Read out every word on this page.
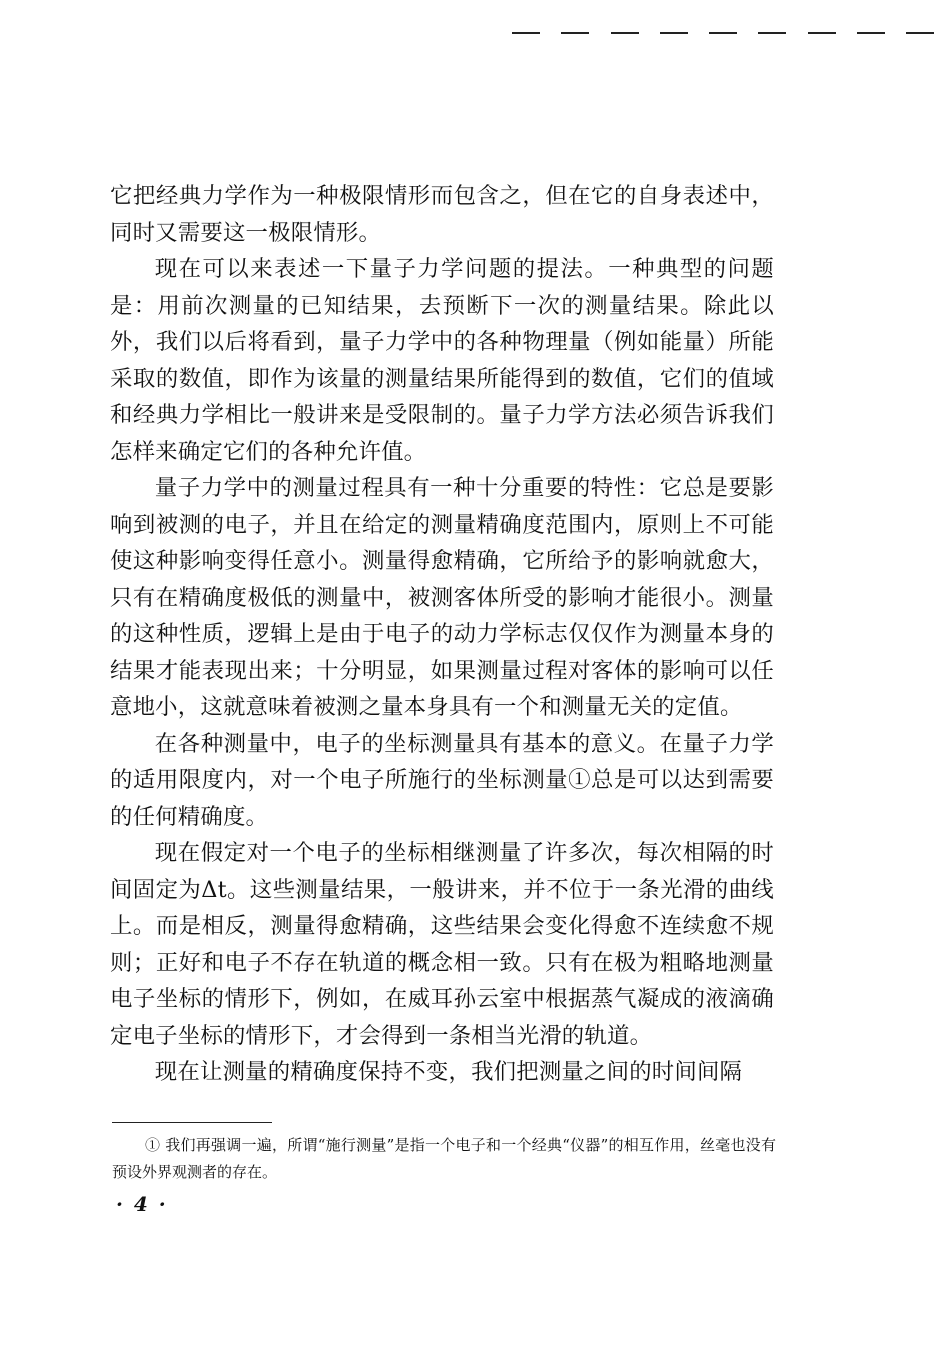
它把经典力学作为一种极限情形而包含之，但在它的自身表述中，同时又需要这一极限情形。

现在可以来表述一下量子力学问题的提法。一种典型的问题是：用前次测量的已知结果，去预断下一次的测量结果。除此以外，我们以后将看到，量子力学中的各种物理量（例如能量）所能采取的数值，即作为该量的测量结果所能得到的数值，它们的值域和经典力学相比一般讲来是受限制的。量子力学方法必须告诉我们怎样来确定它们的各种允许值。

量子力学中的测量过程具有一种十分重要的特性：它总是要影响到被测的电子，并且在给定的测量精确度范围内，原则上不可能使这种影响变得任意小。测量得愈精确，它所给予的影响就愈大，只有在精确度极低的测量中，被测客体所受的影响才能很小。测量的这种性质，逻辑上是由于电子的动力学标志仅仅作为测量本身的结果才能表现出来；十分明显，如果测量过程对客体的影响可以任意地小，这就意味着被测之量本身具有一个和测量无关的定值。

在各种测量中，电子的坐标测量具有基本的意义。在量子力学的适用限度内，对一个电子所施行的坐标测量①总是可以达到需要的任何精确度。

现在假定对一个电子的坐标相继测量了许多次，每次相隔的时间固定为Δt。这些测量结果，一般讲来，并不位于一条光滑的曲线上。而是相反，测量得愈精确，这些结果会变化得愈不连续愈不规则；正好和电子不存在轨道的概念相一致。只有在极为粗略地测量电子坐标的情形下，例如，在威耳孙云室中根据蒸气凝成的液滴确定电子坐标的情形下，才会得到一条相当光滑的轨道。

现在让测量的精确度保持不变，我们把测量之间的时间间隔

① 我们再强调一遍，所谓“施行测量”是指一个电子和一个经典“仪器”的相互作用，丝毫也没有预设外界观测者的存在。
· 4 ·
